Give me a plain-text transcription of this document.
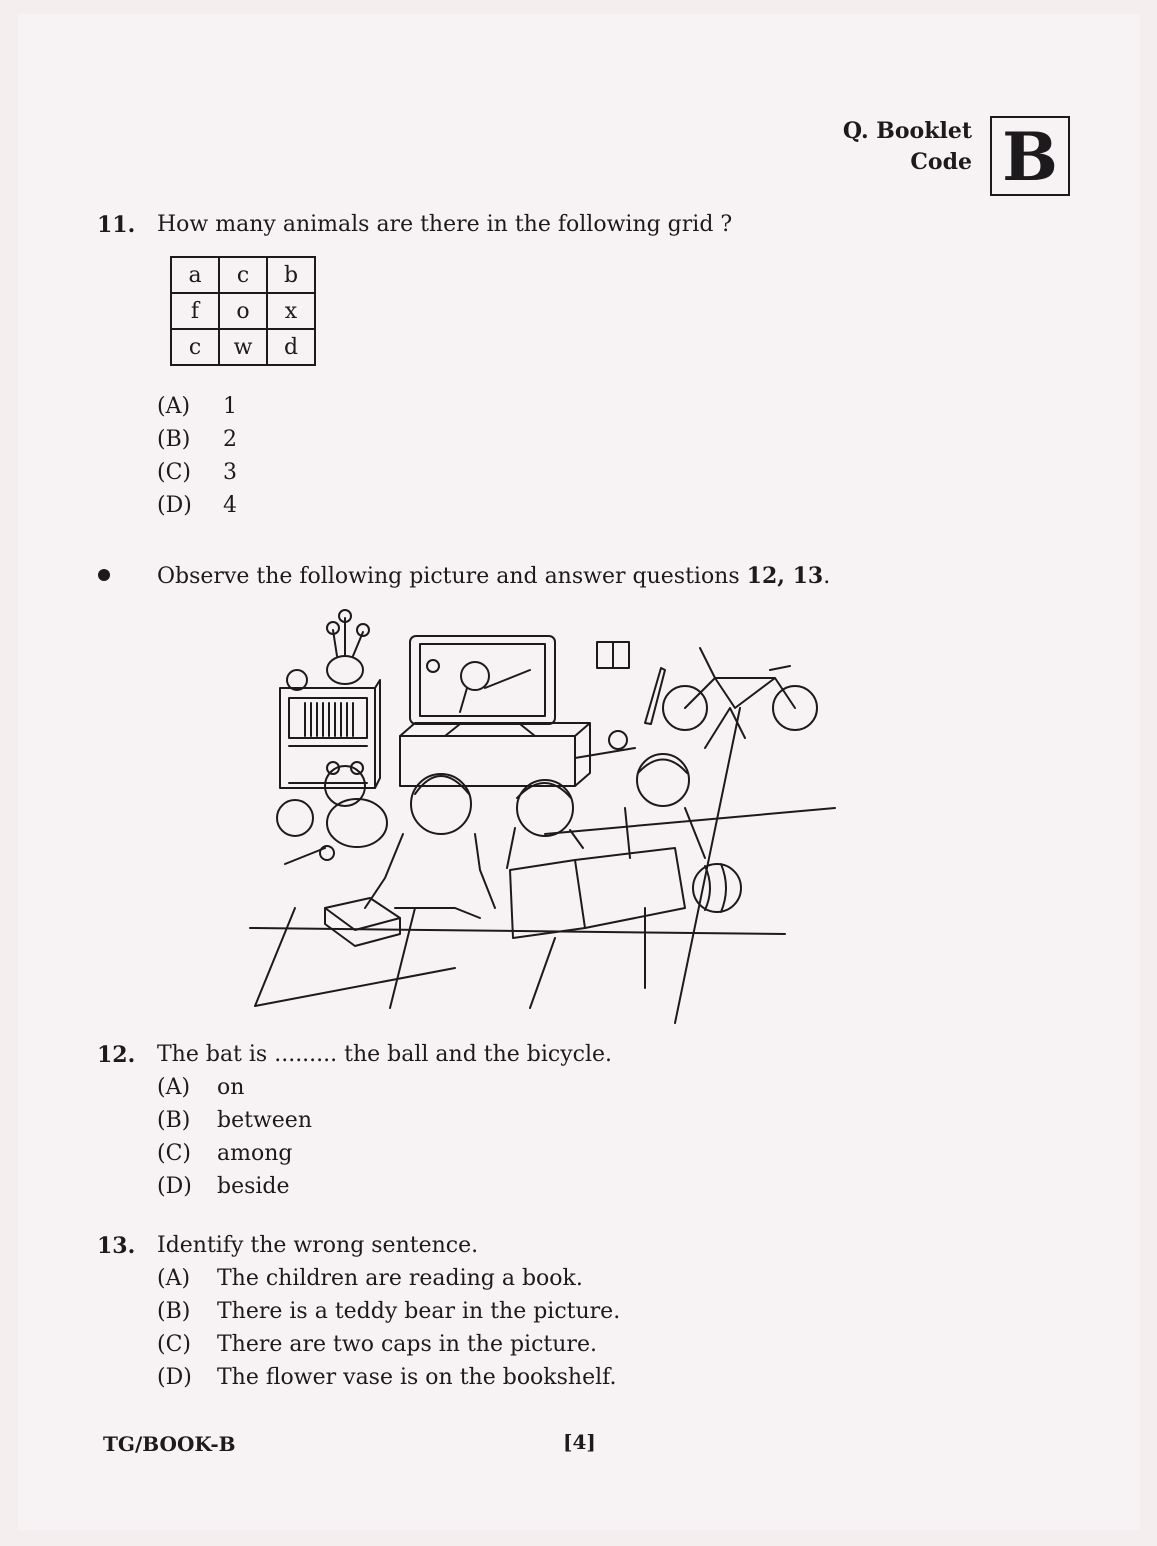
Q. Booklet
Code B
11. How many animals are there in the following grid ?
a	c	b
f	o	x
c	w	d
(A) 1
(B) 2
(C) 3
(D) 4
Observe the following picture and answer questions 12, 13.
12. The bat is ......... the ball and the bicycle.
(A) on
(B) between
(C) among
(D) beside
13. Identify the wrong sentence.
(A) The children are reading a book.
(B) There is a teddy bear in the picture.
(C) There are two caps in the picture.
(D) The flower vase is on the bookshelf.
TG/BOOK-B	[4]
